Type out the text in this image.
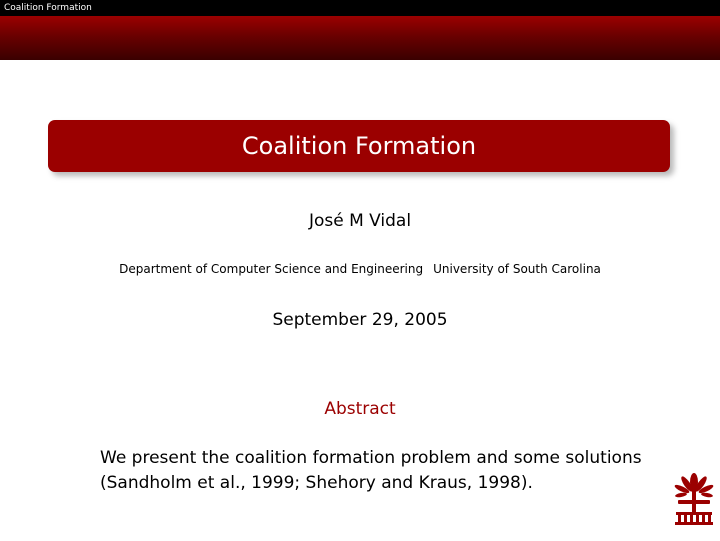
Coalition Formation
Coalition Formation
José M Vidal
Department of Computer Science and Engineering University of South Carolina
September 29, 2005
Abstract
We present the coalition formation problem and some solutions
(Sandholm et al., 1999; Shehory and Kraus, 1998).
